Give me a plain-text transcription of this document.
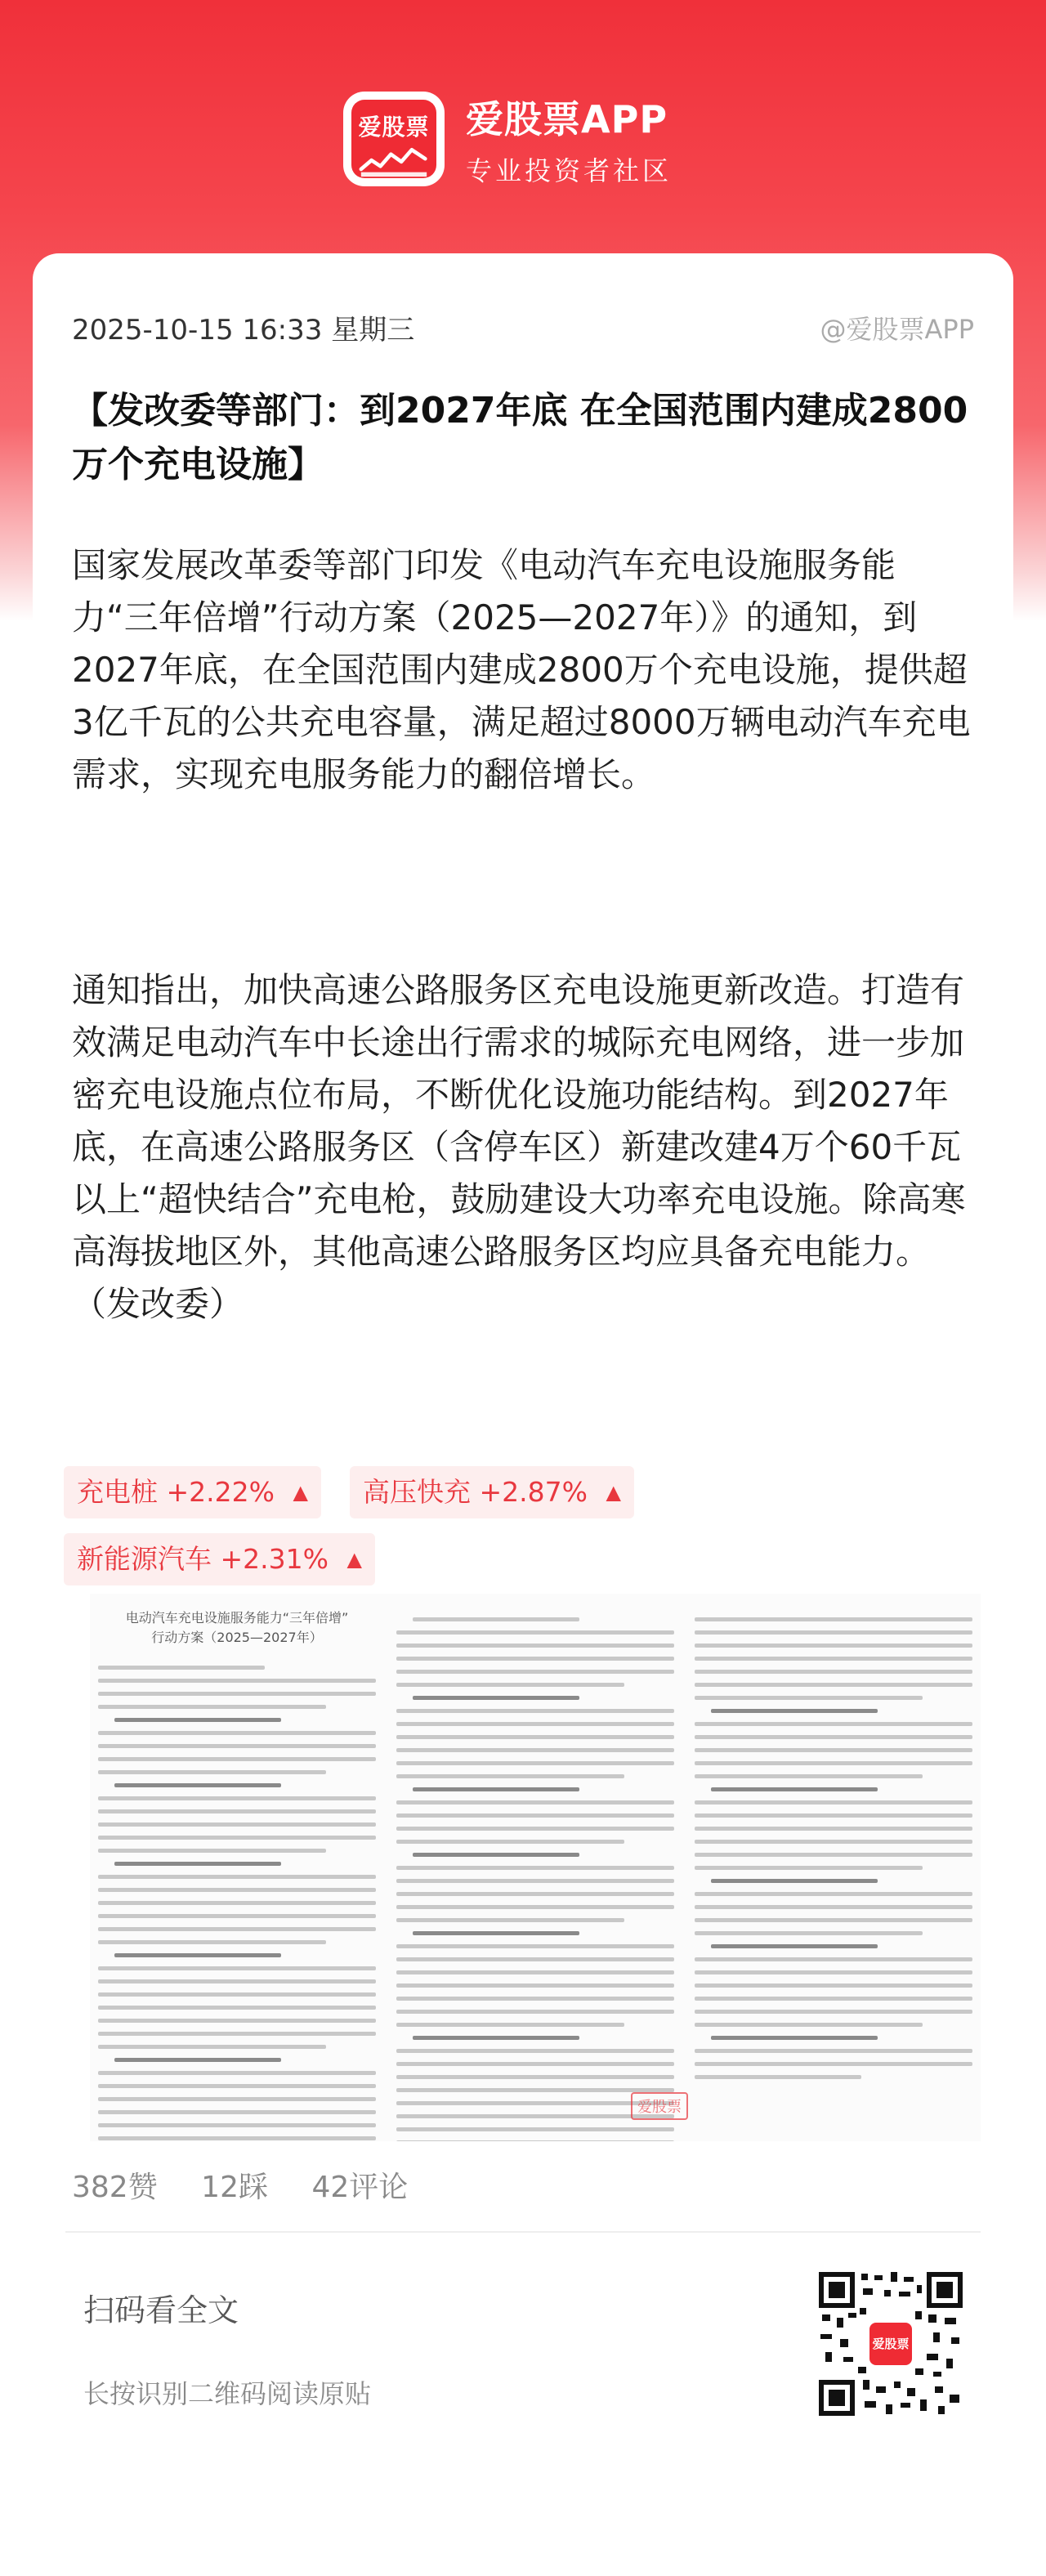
爱股票 爱股票APP
专业投资者社区
2025-10-15 16:33 星期三	@爱股票APP
【发改委等部门：到2027年底 在全国范围内建成2800万个充电设施】
国家发展改革委等部门印发《电动汽车充电设施服务能力“三年倍增”行动方案（2025—2027年）》的通知，到2027年底，在全国范围内建成2800万个充电设施，提供超3亿千瓦的公共充电容量，满足超过8000万辆电动汽车充电需求，实现充电服务能力的翻倍增长。
通知指出，加快高速公路服务区充电设施更新改造。打造有效满足电动汽车中长途出行需求的城际充电网络，进一步加密充电设施点位布局，不断优化设施功能结构。到2027年底，在高速公路服务区（含停车区）新建改建4万个60千瓦以上“超快结合”充电枪，鼓励建设大功率充电设施。除高寒高海拔地区外，其他高速公路服务区均应具备充电能力。（发改委）
充电桩 +2.22% ▲	高压快充 +2.87% ▲
新能源汽车 +2.31% ▲
电动汽车充电设施服务能力“三年倍增”
行动方案（2025—2027年）
爱股票
382赞 12踩 42评论
扫码看全文
长按识别二维码阅读原贴
爱股票
